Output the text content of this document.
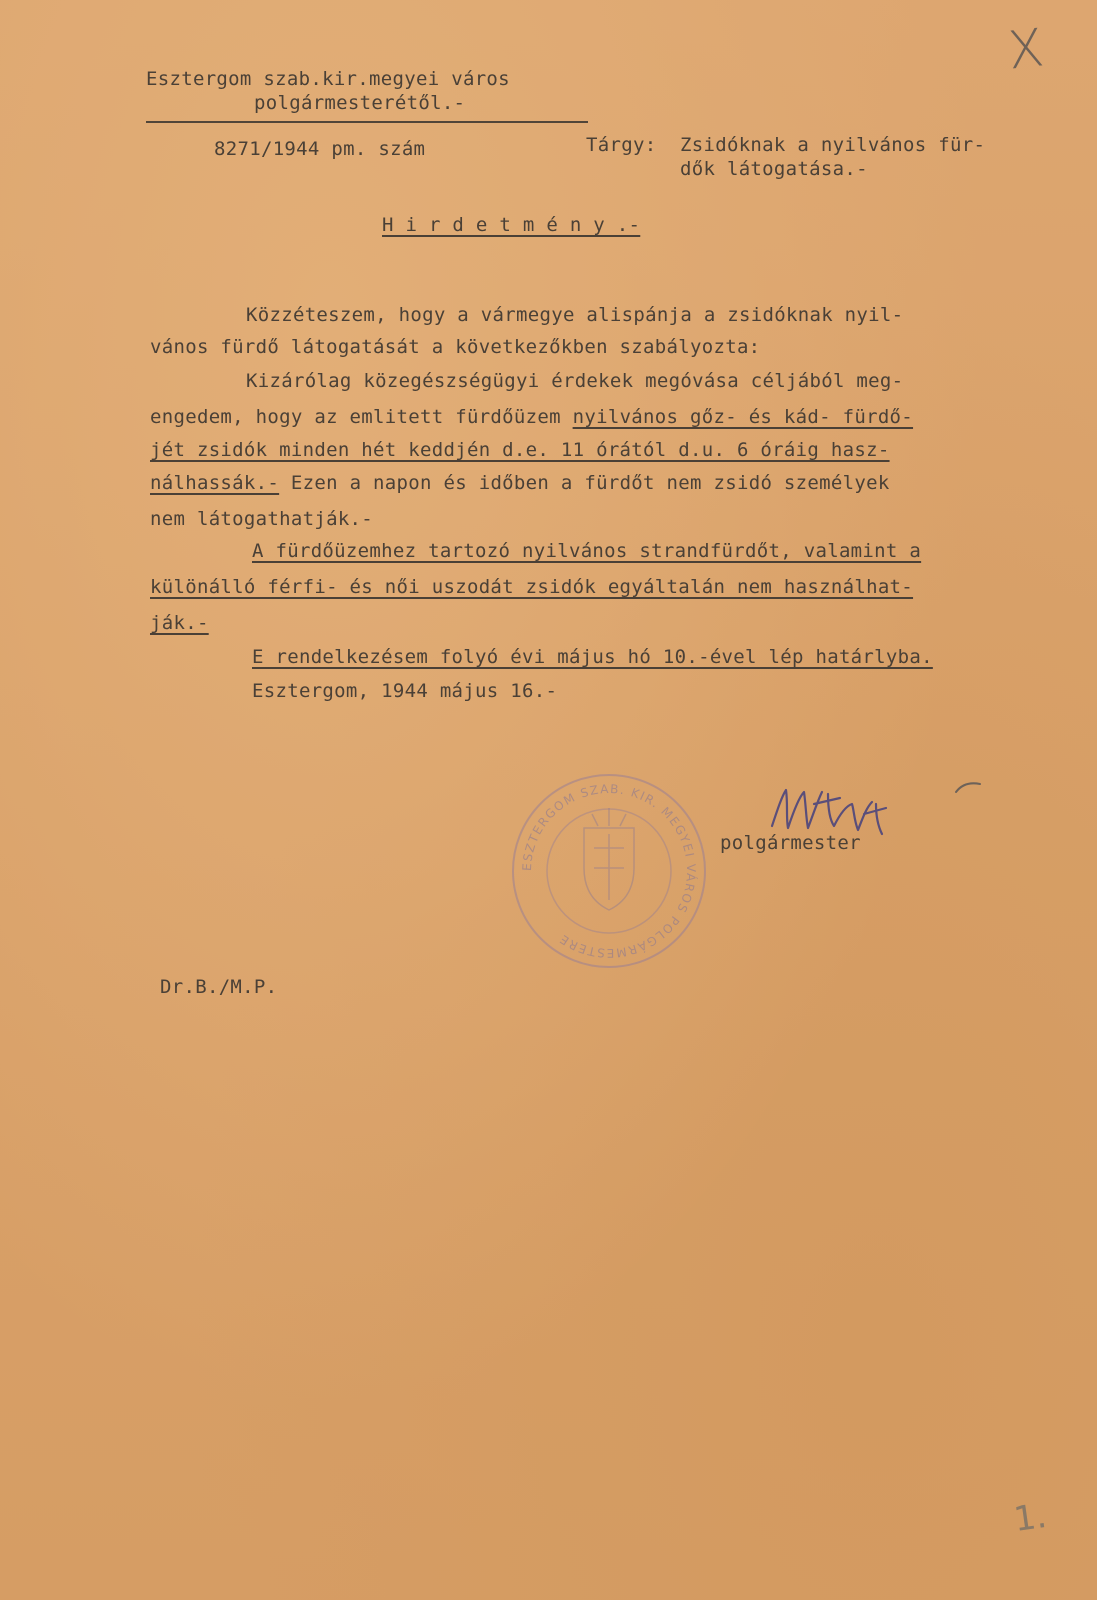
X
Esztergom szab.kir.megyei város
polgármesterétől.-
8271/1944 pm. szám	Tárgy: Zsidóknak a nyilvános für-
dők látogatása.-
H i r d e t m é n y .-
Közzéteszem, hogy a vármegye alispánja a zsidóknak nyil-
vános fürdő látogatását a következőkben szabályozta:
Kizárólag közegészségügyi érdekek megóvása céljából meg-
engedem, hogy az emlitett fürdőüzem nyilvános gőz- és kád- fürdő-
jét zsidók minden hét keddjén d.e. 11 órától d.u. 6 óráig hasz-
nálhassák.- Ezen a napon és időben a fürdőt nem zsidó személyek
nem látogathatják.-
A fürdőüzemhez tartozó nyilvános strandfürdőt, valamint a
különálló férfi- és női uszodát zsidók egyáltalán nem használhat-
ják.-
E rendelkezésem folyó évi május hó 10.-ével lép határlyba.
Esztergom, 1944 május 16.-
ESZTERGOM SZAB. KIR. MEGYEI VÁROS POLGÁRMESTERE
polgármester
Dr.B./M.P.
1.
